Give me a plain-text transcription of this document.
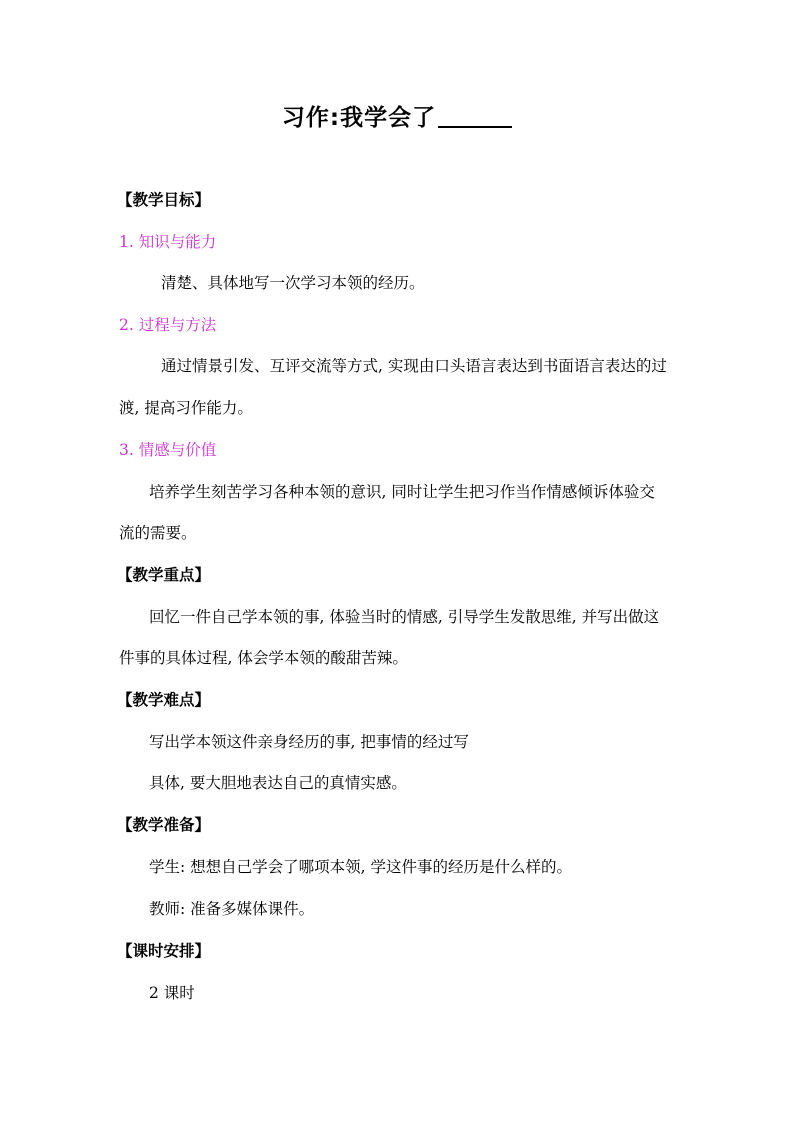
习作:我学会了
【教学目标】
1. 知识与能力
清楚、具体地写一次学习本领的经历。
2. 过程与方法
通过情景引发、互评交流等方式, 实现由口头语言表达到书面语言表达的过
渡, 提高习作能力。
3. 情感与价值
培养学生刻苦学习各种本领的意识, 同时让学生把习作当作情感倾诉体验交
流的需要。
【教学重点】
回忆一件自己学本领的事, 体验当时的情感, 引导学生发散思维, 并写出做这
件事的具体过程, 体会学本领的酸甜苦辣。
【教学难点】
写出学本领这件亲身经历的事, 把事情的经过写
具体, 要大胆地表达自己的真情实感。
【教学准备】
学生: 想想自己学会了哪项本领, 学这件事的经历是什么样的。
教师: 准备多媒体课件。
【课时安排】
2 课时
